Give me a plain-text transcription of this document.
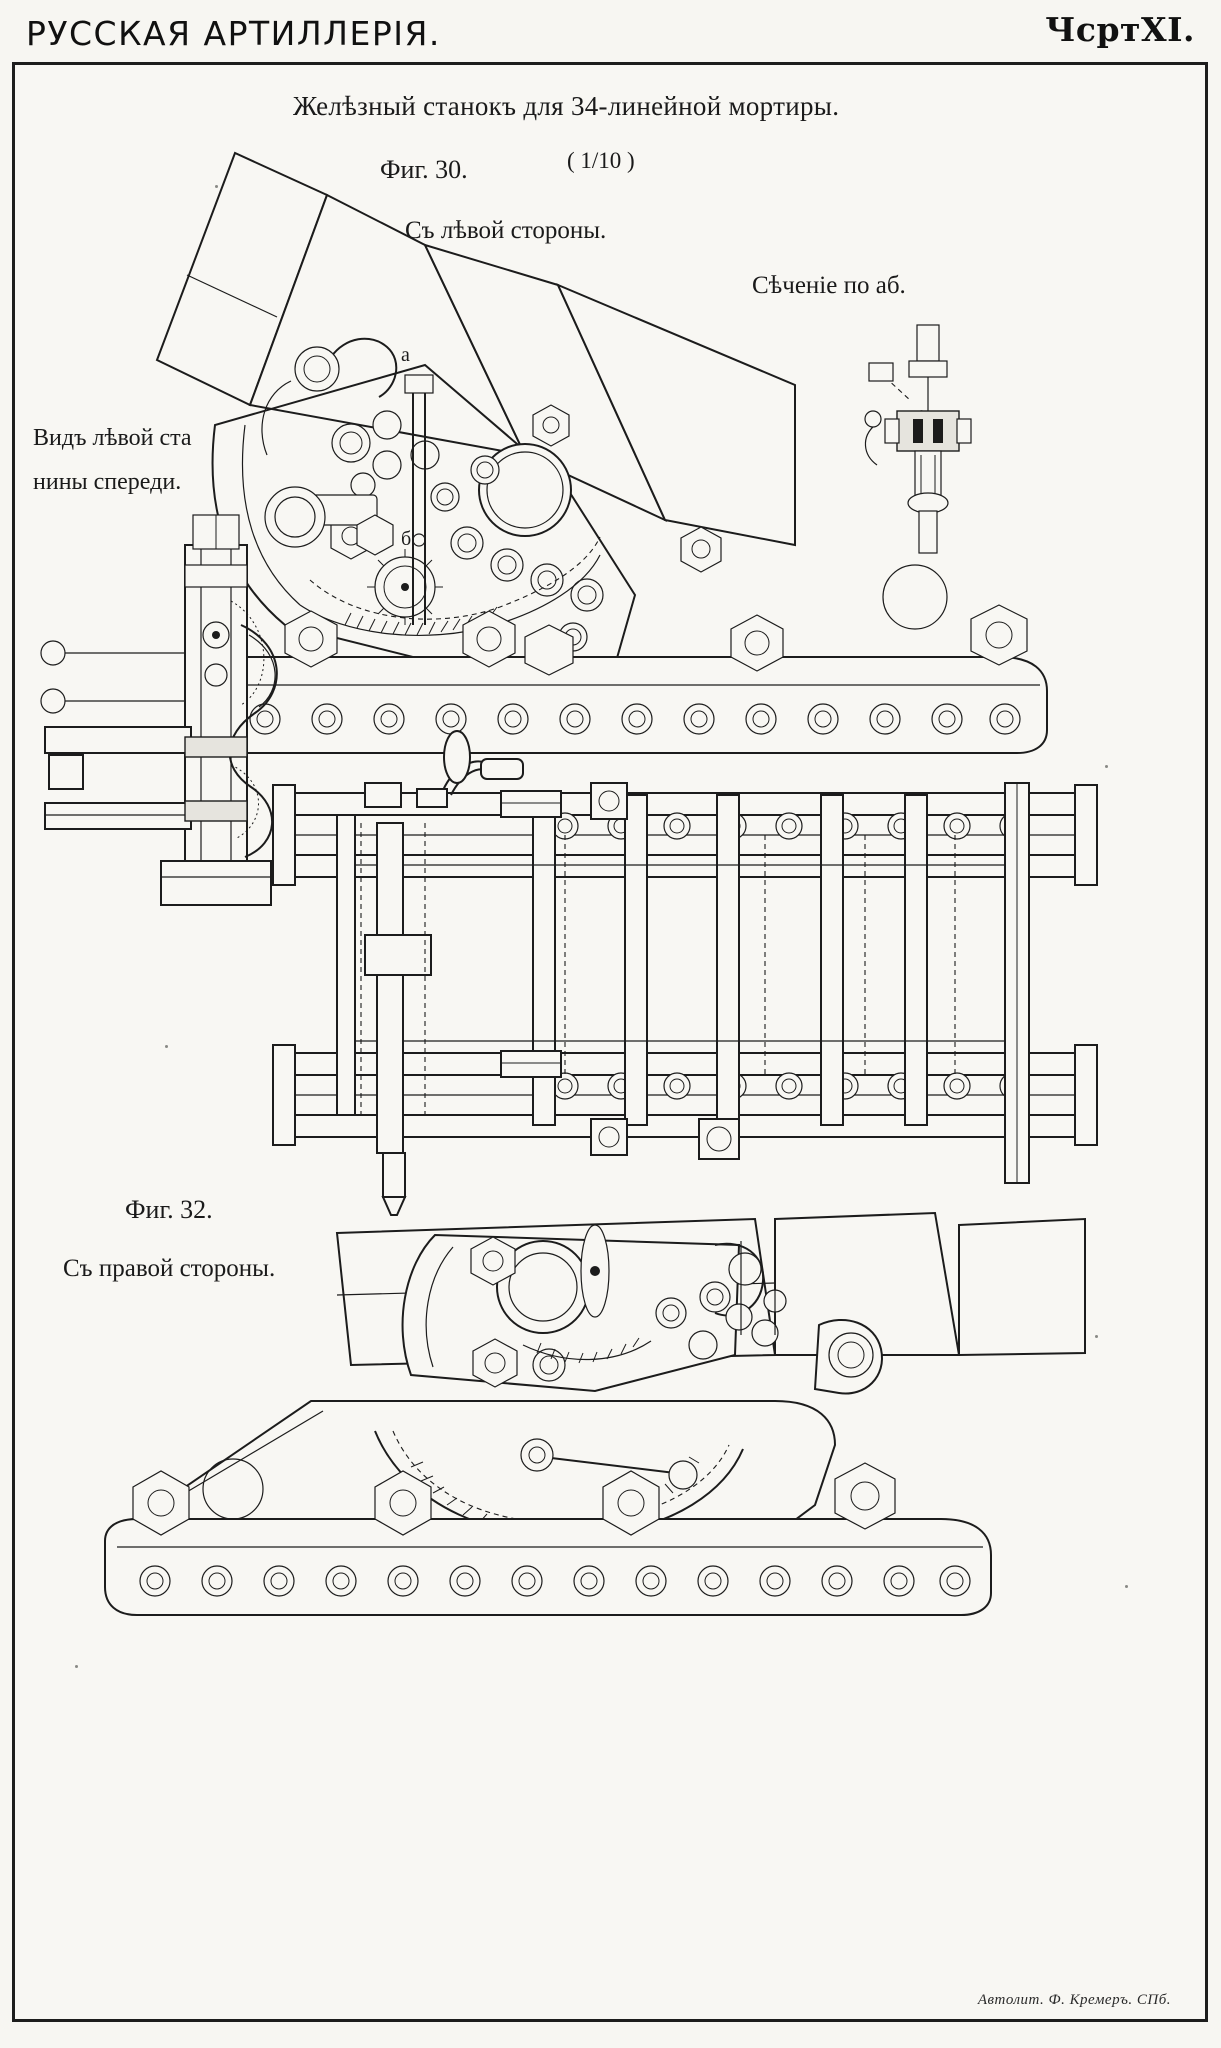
РУССКАЯ АРТИЛЛЕРІЯ.	ЧсртXI.
Желѣзный станокъ для 34-линейной мортиры.
( 1/10 )
Фиг. 30.
Съ лѣвой стороны.
Сѣченіе по аб.
Видъ лѣвой ста
нины спереди.
Фиг. 32.
Съ правой стороны.
Автолит. Ф. Кремеръ. СПб.
a
б
